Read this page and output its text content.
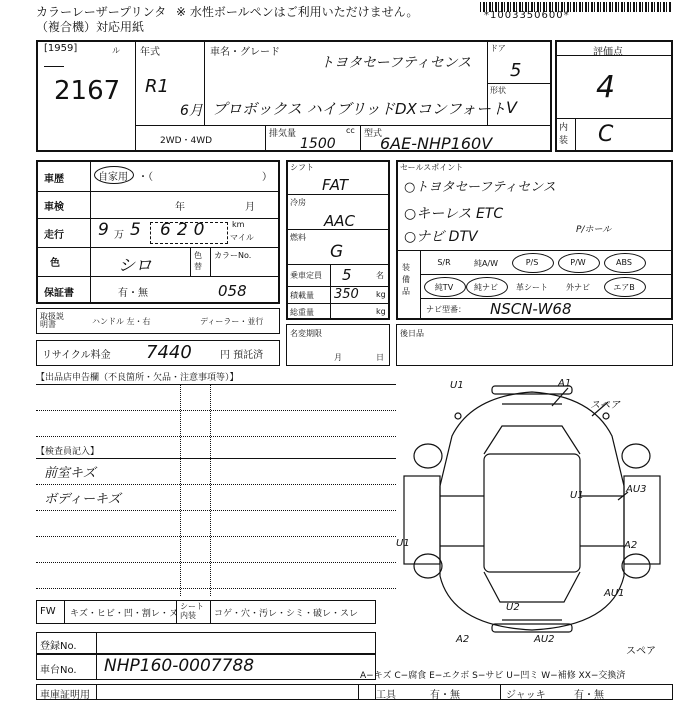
カラーレーザープリンタ
（複合機）対応用紙
※ 水性ボールペンはご利用いただけません。	*1003350600*
[1959]	ル
2167
年式
R1
6月
車名・グレード
トヨタセーフティセンス
プロボックス ハイブリッドDXコンフォート
ドア
5
形状
V
2WD・4WD
排気量	cc
1500
型式
6AE-NHP160V
評価点
4
内装 C
車歴	自家用 ・（	）
車検	年	月
走行 9 万 5 620	km
マイル
色	シロ
色替
カラーNo.
保証書	有・無	058
取扱説明書	ハンドル 左・右	ディーラー・並行
リサイクル料金 7440	円 預託済
シフト
FAT
冷房
AAC
燃料
G
乗車定員 5	名
積載量 350 kg
総重量	kg
名変期限
月	日
セールスポイント
○トヨタセーフティセンス
○キーレス ETC
○ナビ DTV	P/ホール
装備品
S/R	純A/W	P/S	P/W	ABS
純TV	純ナビ	革シート	外ナビ	エアB
ナビ型番： NSCN-W68
後日品
【出品店申告欄（不良箇所・欠品・注意事項等）】
【検査員記入】
前室キズ
ボディーキズ
U1	A1
スペア
U1
AU3
U1
U2
A2	AU2
A2
AU1
スペア
FW キズ・ヒビ・凹・割レ・ヌ
シート内装	コゲ・穴・汚レ・シミ・破レ・スレ
登録No.
車台No. NHP160-0007788
車庫証明用
A−キズ C−腐食 E−エクボ S−サビ U−凹ミ W−補修 XX−交換済
工具	有・無	ジャッキ	有・無
